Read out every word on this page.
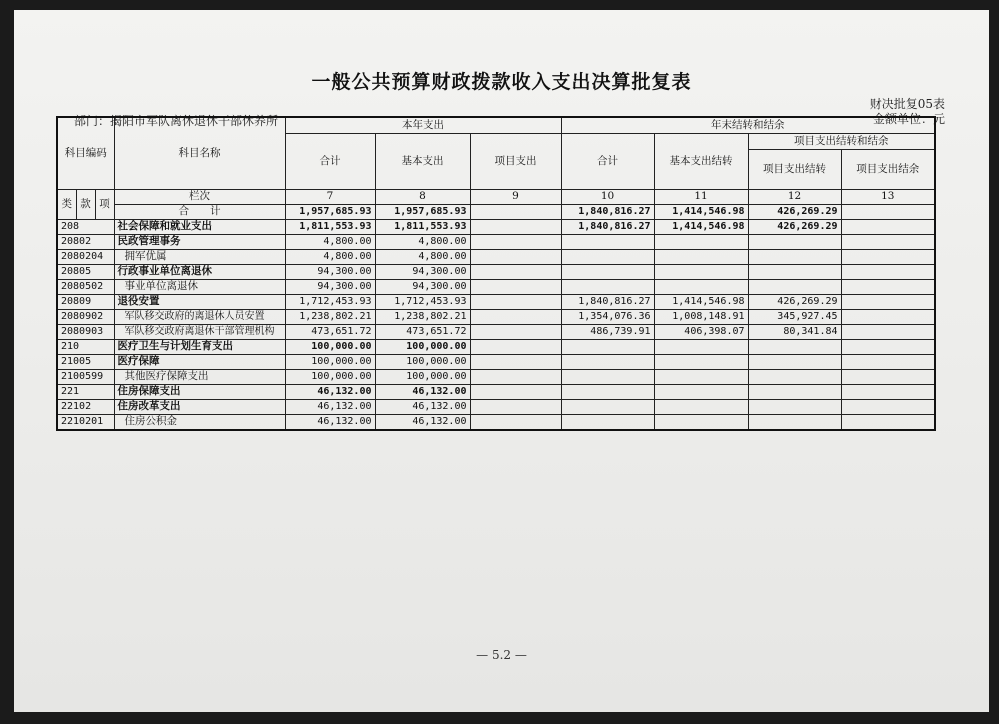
一般公共预算财政拨款收入支出决算批复表
财决批复05表
金额单位：元
部门：揭阳市军队离休退休干部休养所
— 5.2 —
科目编码			科目名称	本年支出			年末结转和结余			
				合计	基本支出	项目支出	合计	基本支出结转	项目支出结转和结余	
									项目支出结转	项目支出结余
类	款	项	栏次	7	8	9	10	11	12	13
			合　　计	1,957,685.93	1,957,685.93		1,840,816.27	1,414,546.98	426,269.29	
208			社会保障和就业支出	1,811,553.93	1,811,553.93		1,840,816.27	1,414,546.98	426,269.29	
20802			民政管理事务	4,800.00	4,800.00					
2080204			拥军优属	4,800.00	4,800.00					
20805			行政事业单位离退休	94,300.00	94,300.00					
2080502			事业单位离退休	94,300.00	94,300.00					
20809			退役安置	1,712,453.93	1,712,453.93		1,840,816.27	1,414,546.98	426,269.29	
2080902			军队移交政府的离退休人员安置	1,238,802.21	1,238,802.21		1,354,076.36	1,008,148.91	345,927.45	
2080903			军队移交政府离退休干部管理机构	473,651.72	473,651.72		486,739.91	406,398.07	80,341.84	
210			医疗卫生与计划生育支出	100,000.00	100,000.00					
21005			医疗保障	100,000.00	100,000.00					
2100599			其他医疗保障支出	100,000.00	100,000.00					
221			住房保障支出	46,132.00	46,132.00					
22102			住房改革支出	46,132.00	46,132.00					
2210201			住房公积金	46,132.00	46,132.00					
